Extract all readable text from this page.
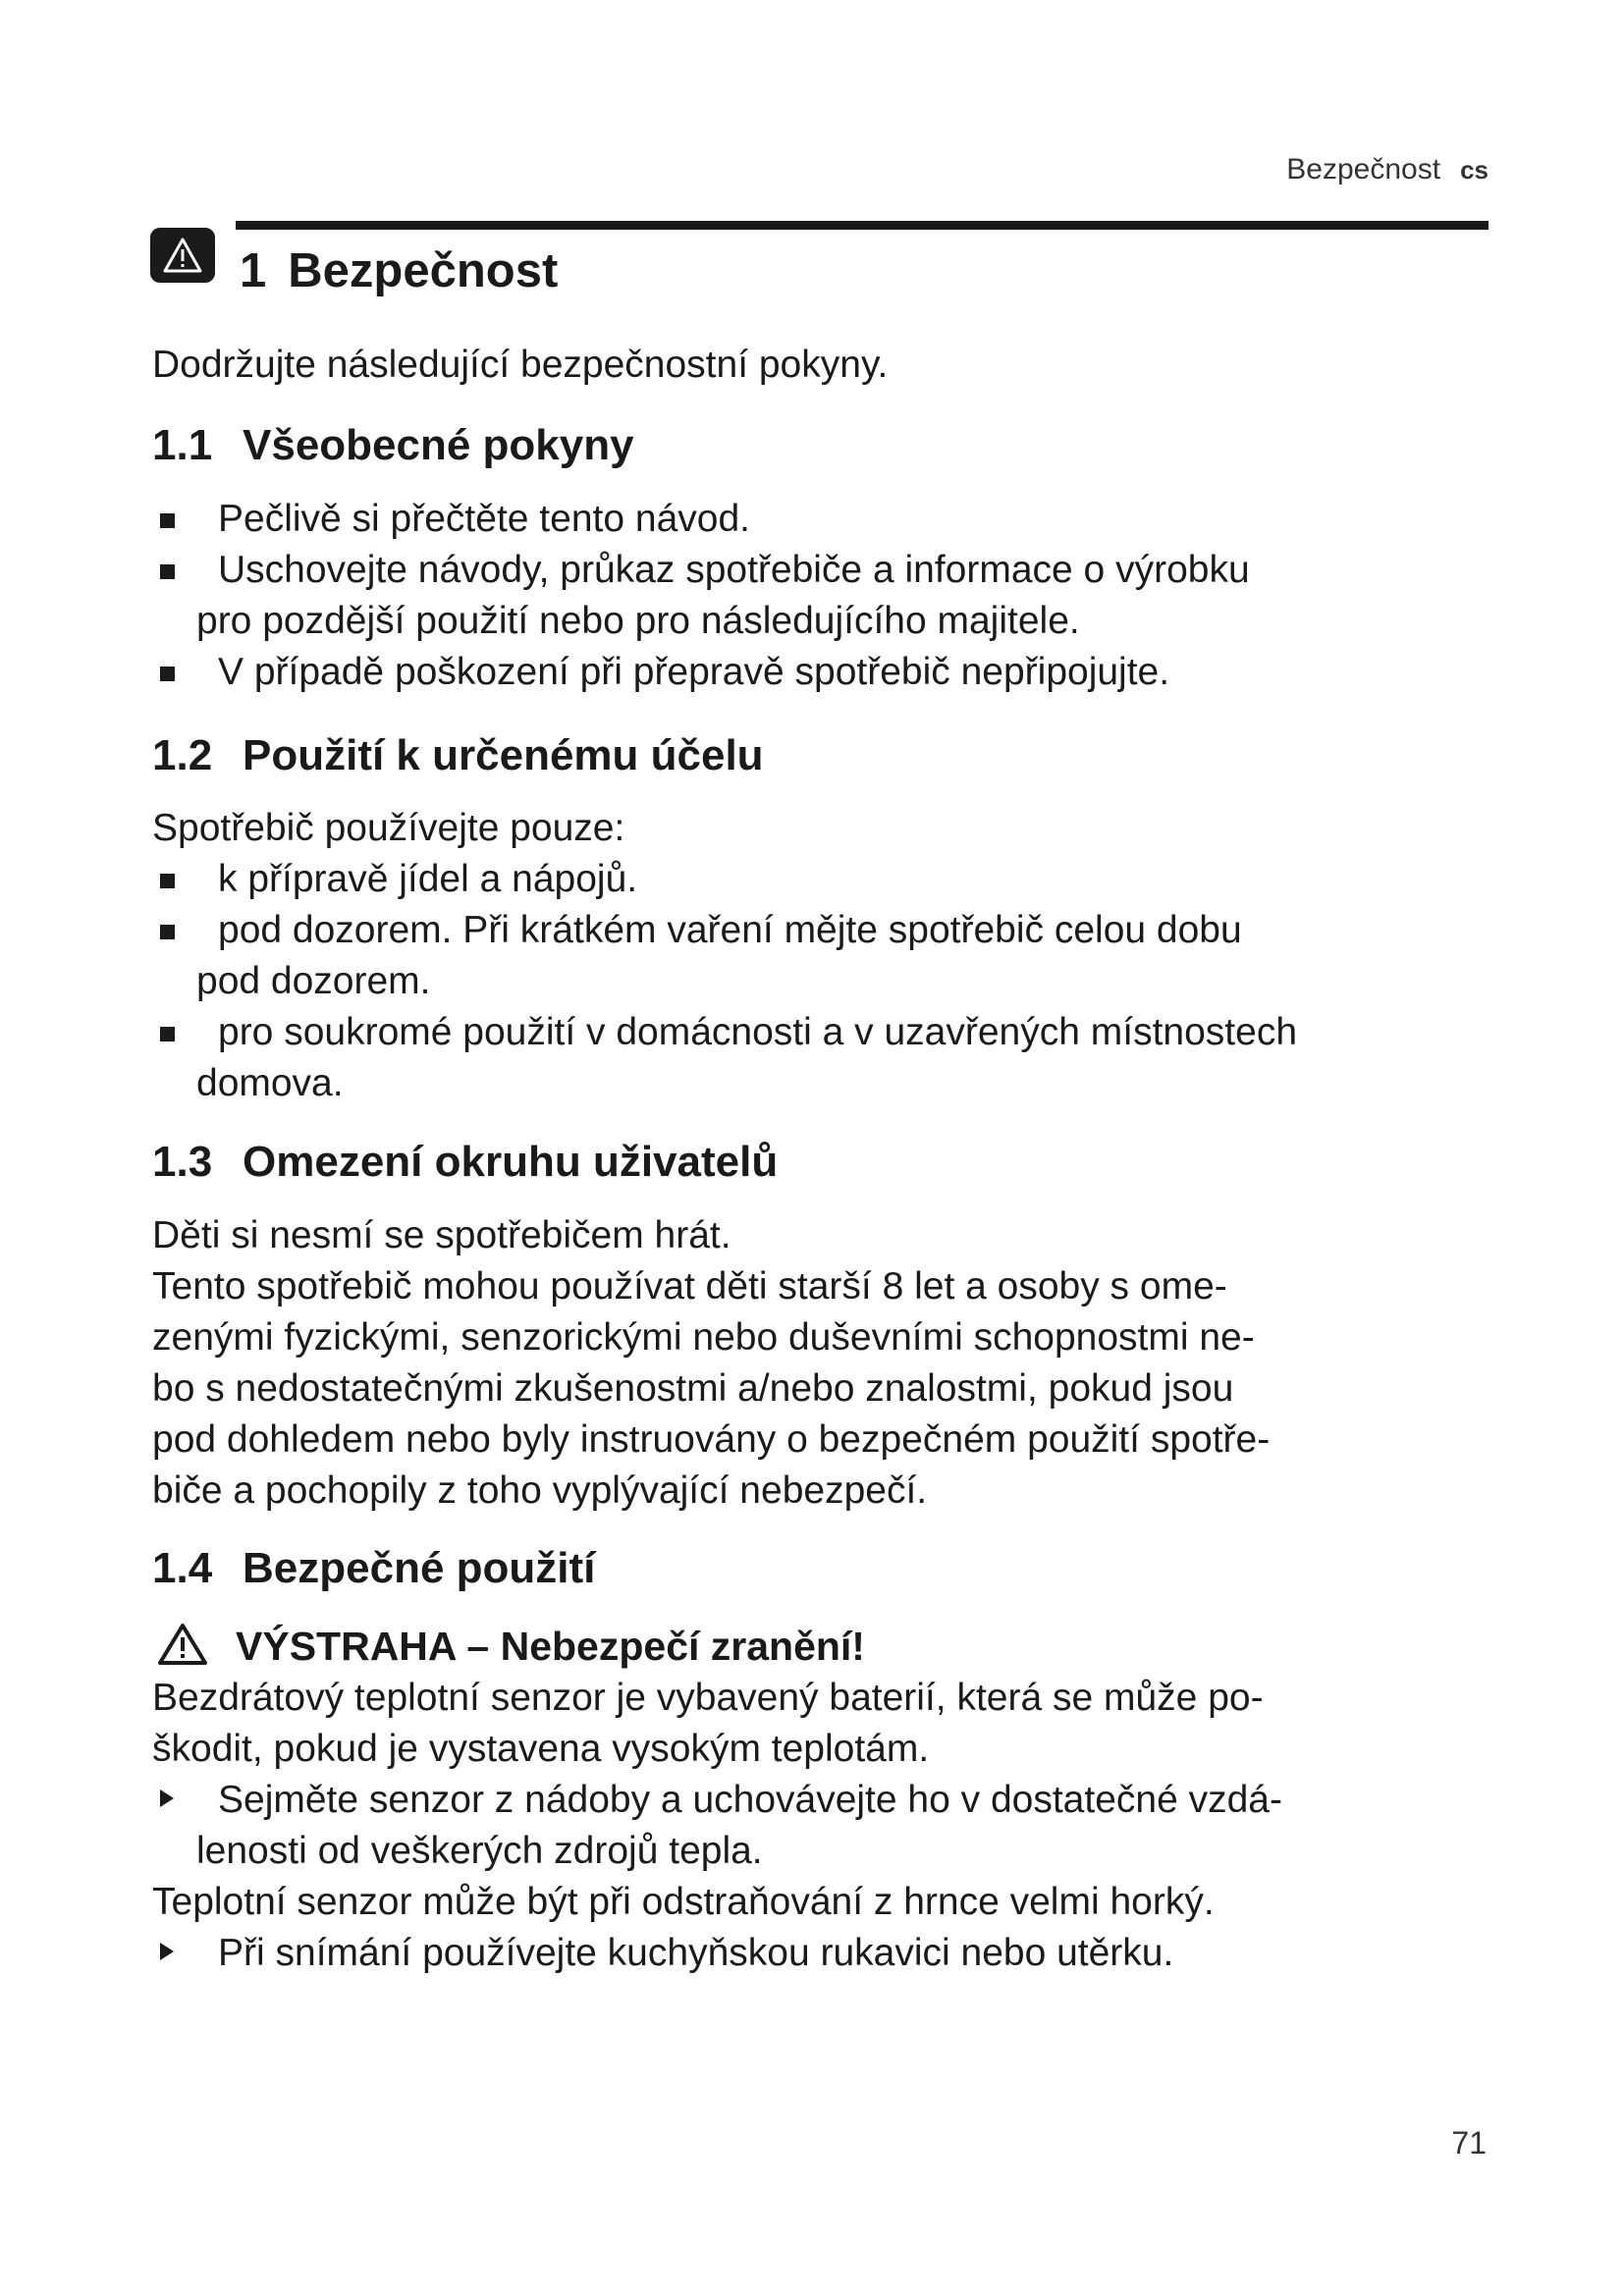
Bezpečnost cs
1 Bezpečnost
Dodržujte následující bezpečnostní pokyny.
1.1 Všeobecné pokyny
Pečlivě si přečtěte tento návod.
Uschovejte návody, průkaz spotřebiče a informace o výrobku
pro pozdější použití nebo pro následujícího majitele.
V případě poškození při přepravě spotřebič nepřipojujte.
1.2 Použití k určenému účelu
Spotřebič používejte pouze:
k přípravě jídel a nápojů.
pod dozorem. Při krátkém vaření mějte spotřebič celou dobu
pod dozorem.
pro soukromé použití v domácnosti a v uzavřených místnostech
domova.
1.3 Omezení okruhu uživatelů
Děti si nesmí se spotřebičem hrát.
Tento spotřebič mohou používat děti starší 8 let a osoby s ome-
zenými fyzickými, senzorickými nebo duševními schopnostmi ne-
bo s nedostatečnými zkušenostmi a/nebo znalostmi, pokud jsou
pod dohledem nebo byly instruovány o bezpečném použití spotře-
biče a pochopily z toho vyplývající nebezpečí.
1.4 Bezpečné použití
VÝSTRAHA – Nebezpečí zranění!
Bezdrátový teplotní senzor je vybavený baterií, která se může po-
škodit, pokud je vystavena vysokým teplotám.
Sejměte senzor z nádoby a uchovávejte ho v dostatečné vzdá-
lenosti od veškerých zdrojů tepla.
Teplotní senzor může být při odstraňování z hrnce velmi horký.
Při snímání používejte kuchyňskou rukavici nebo utěrku.
71
